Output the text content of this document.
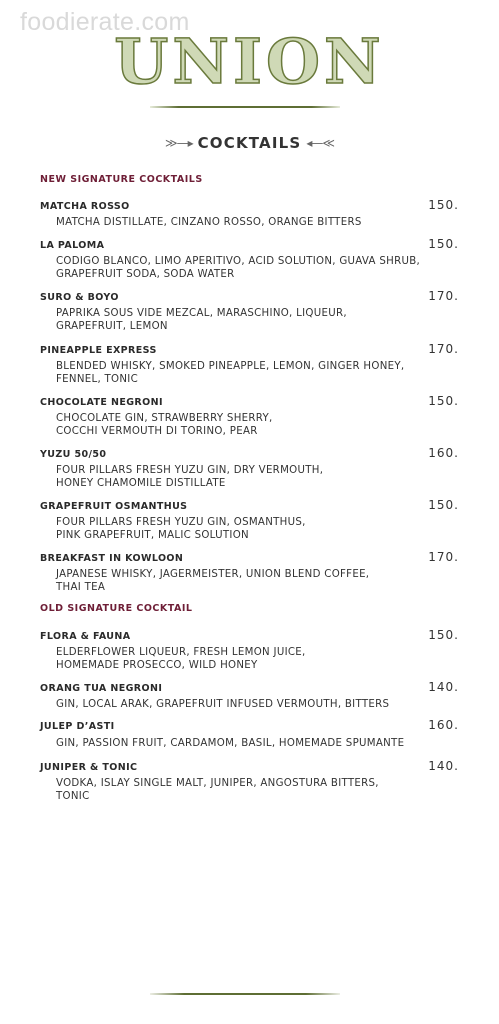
foodierate.com
UNION
≫—▸ COCKTAILS ◂—≪
NEW SIGNATURE COCKTAILS
MATCHA ROSSO	150.
MATCHA DISTILLATE, CINZANO ROSSO, ORANGE BITTERS
LA PALOMA	150.
CODIGO BLANCO, LIMO APERITIVO, ACID SOLUTION, GUAVA SHRUB,
GRAPEFRUIT SODA, SODA WATER
SURO & BOYO	170.
PAPRIKA SOUS VIDE MEZCAL, MARASCHINO, LIQUEUR,
GRAPEFRUIT, LEMON
PINEAPPLE EXPRESS	170.
BLENDED WHISKY, SMOKED PINEAPPLE, LEMON, GINGER HONEY,
FENNEL, TONIC
CHOCOLATE NEGRONI	150.
CHOCOLATE GIN, STRAWBERRY SHERRY,
COCCHI VERMOUTH DI TORINO, PEAR
YUZU 50/50	160.
FOUR PILLARS FRESH YUZU GIN, DRY VERMOUTH,
HONEY CHAMOMILE DISTILLATE
GRAPEFRUIT OSMANTHUS	150.
FOUR PILLARS FRESH YUZU GIN, OSMANTHUS,
PINK GRAPEFRUIT, MALIC SOLUTION
BREAKFAST IN KOWLOON	170.
JAPANESE WHISKY, JAGERMEISTER, UNION BLEND COFFEE,
THAI TEA
OLD SIGNATURE COCKTAIL
FLORA & FAUNA	150.
ELDERFLOWER LIQUEUR, FRESH LEMON JUICE,
HOMEMADE PROSECCO, WILD HONEY
ORANG TUA NEGRONI	140.
GIN, LOCAL ARAK, GRAPEFRUIT INFUSED VERMOUTH, BITTERS
JULEP D’ASTI	160.
GIN, PASSION FRUIT, CARDAMOM, BASIL, HOMEMADE SPUMANTE
JUNIPER & TONIC	140.
VODKA, ISLAY SINGLE MALT, JUNIPER, ANGOSTURA BITTERS,
TONIC
